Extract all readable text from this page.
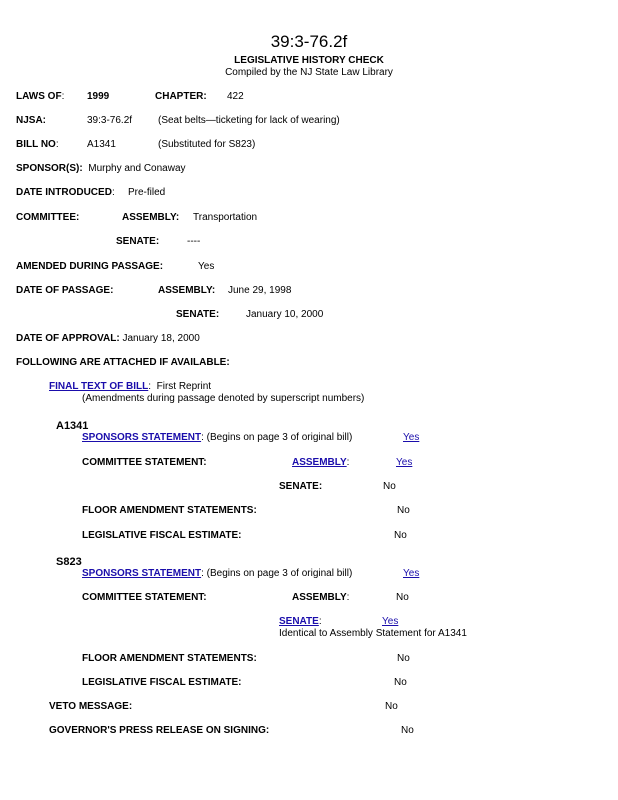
39:3-76.2f
LEGISLATIVE HISTORY CHECK
Compiled by the NJ State Law Library
LAWS OF: 1999	CHAPTER: 422
NJSA:	39:3-76.2f	(Seat belts—ticketing for lack of wearing)
BILL NO:	A1341	(Substituted for S823)
SPONSOR(S): Murphy and Conaway
DATE INTRODUCED: Pre-filed
COMMITTEE:	ASSEMBLY: Transportation
SENATE:	----
AMENDED DURING PASSAGE:	Yes
DATE OF PASSAGE:	ASSEMBLY: June 29, 1998
SENATE:	January 10, 2000
DATE OF APPROVAL: January 18, 2000
FOLLOWING ARE ATTACHED IF AVAILABLE:
FINAL TEXT OF BILL: First Reprint
(Amendments during passage denoted by superscript numbers)
A1341
SPONSORS STATEMENT: (Begins on page 3 of original bill)	Yes
COMMITTEE STATEMENT:	ASSEMBLY:	Yes
SENATE:	No
FLOOR AMENDMENT STATEMENTS:	No
LEGISLATIVE FISCAL ESTIMATE:	No
S823
SPONSORS STATEMENT: (Begins on page 3 of original bill)	Yes
COMMITTEE STATEMENT:	ASSEMBLY:	No
SENATE:	Yes
Identical to Assembly Statement for A1341
FLOOR AMENDMENT STATEMENTS:	No
LEGISLATIVE FISCAL ESTIMATE:	No
VETO MESSAGE:	No
GOVERNOR'S PRESS RELEASE ON SIGNING:	No
